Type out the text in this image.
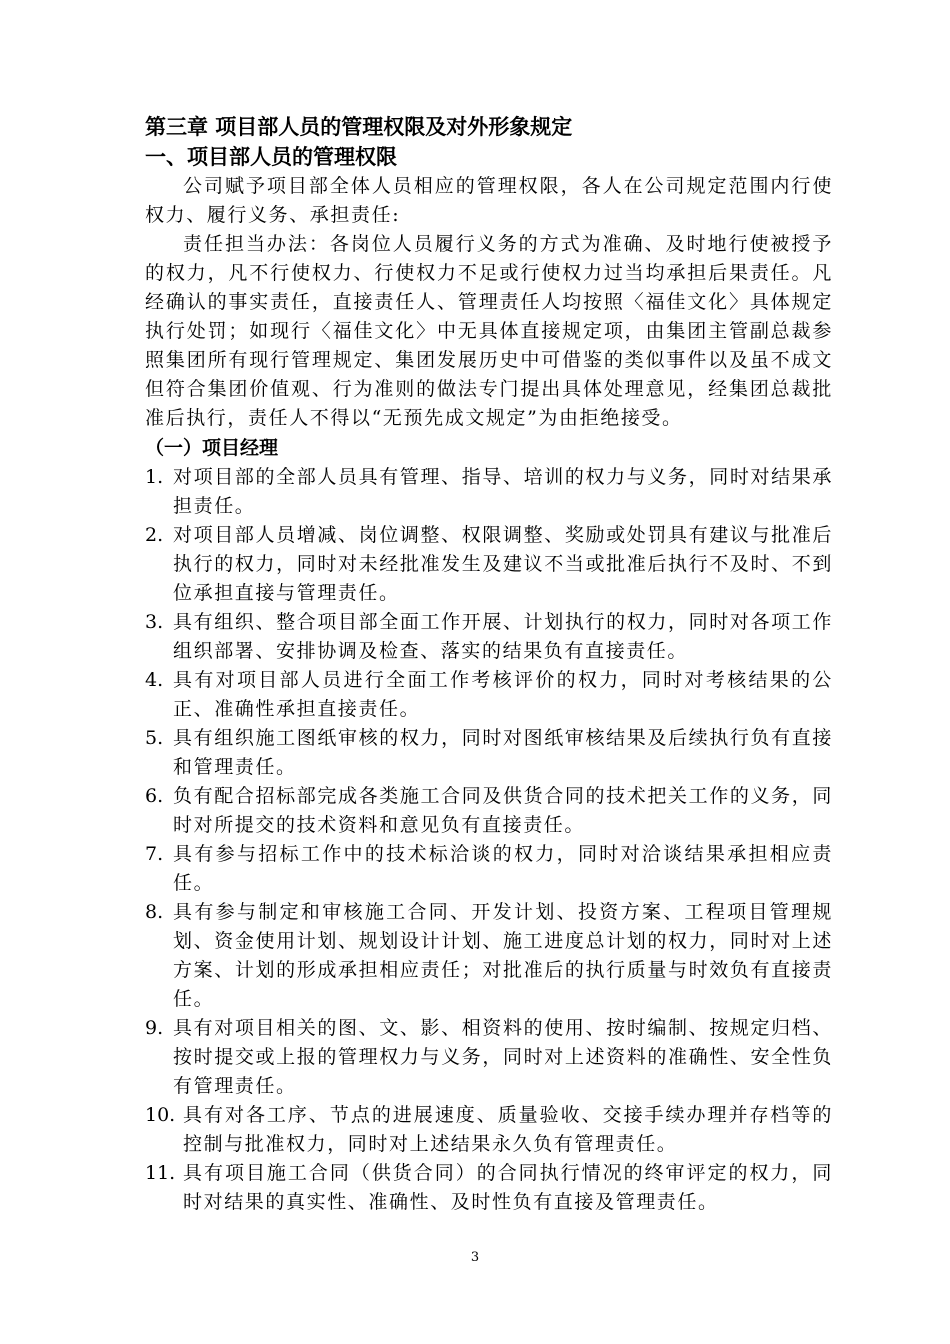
第三章 项目部人员的管理权限及对外形象规定
一、项目部人员的管理权限

公司赋予项目部全体人员相应的管理权限，各人在公司规定范围内行使权力、履行义务、承担责任:

责任担当办法：各岗位人员履行义务的方式为准确、及时地行使被授予的权力，凡不行使权力、行使权力不足或行使权力过当均承担后果责任。凡经确认的事实责任，直接责任人、管理责任人均按照〈福佳文化〉具体规定执行处罚；如现行〈福佳文化〉中无具体直接规定项，由集团主管副总裁参照集团所有现行管理规定、集团发展历史中可借鉴的类似事件以及虽不成文但符合集团价值观、行为准则的做法专门提出具体处理意见，经集团总裁批准后执行，责任人不得以“无预先成文规定”为由拒绝接受。

（一）项目经理
1. 对项目部的全部人员具有管理、指导、培训的权力与义务，同时对结果承担责任。
2. 对项目部人员增减、岗位调整、权限调整、奖励或处罚具有建议与批准后执行的权力，同时对未经批准发生及建议不当或批准后执行不及时、不到位承担直接与管理责任。
3. 具有组织、整合项目部全面工作开展、计划执行的权力，同时对各项工作组织部署、安排协调及检查、落实的结果负有直接责任。
4. 具有对项目部人员进行全面工作考核评价的权力，同时对考核结果的公正、准确性承担直接责任。
5. 具有组织施工图纸审核的权力，同时对图纸审核结果及后续执行负有直接和管理责任。
6. 负有配合招标部完成各类施工合同及供货合同的技术把关工作的义务，同时对所提交的技术资料和意见负有直接责任。
7. 具有参与招标工作中的技术标洽谈的权力，同时对洽谈结果承担相应责任。
8. 具有参与制定和审核施工合同、开发计划、投资方案、工程项目管理规划、资金使用计划、规划设计计划、施工进度总计划的权力，同时对上述方案、计划的形成承担相应责任；对批准后的执行质量与时效负有直接责任。
9. 具有对项目相关的图、文、影、相资料的使用、按时编制、按规定归档、按时提交或上报的管理权力与义务，同时对上述资料的准确性、安全性负有管理责任。
10. 具有对各工序、节点的进展速度、质量验收、交接手续办理并存档等的控制与批准权力，同时对上述结果永久负有管理责任。
11. 具有项目施工合同（供货合同）的合同执行情况的终审评定的权力，同时对结果的真实性、准确性、及时性负有直接及管理责任。
3
